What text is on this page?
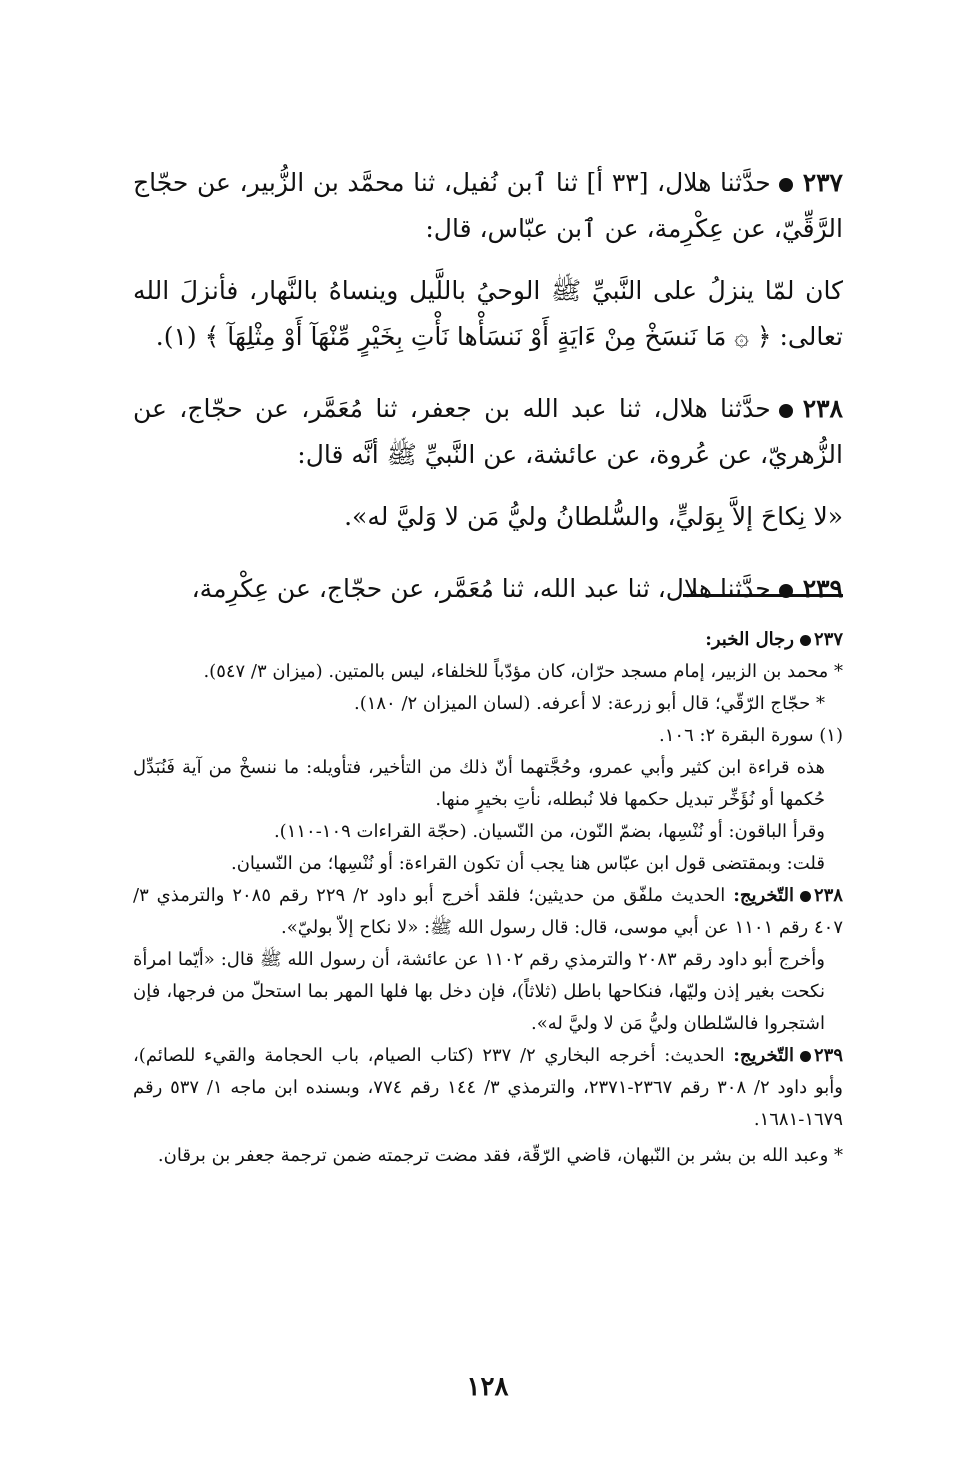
٢٣٧حدَّثنا هلال، [٣٣ أ] ثنا ٱبن نُفيل، ثنا محمَّد بن الزُّبير، عن حجّاج الرَّقِّيّ، عن عِكْرِمة، عن ٱبن عبّاس، قال:

كان لمّا ينزلُ على النَّبيِّ ﷺ الوحيُ باللَّيل وينساهُ بالنَّهار، فأنزلَ الله تعالى: ﴿ ۞ مَا نَنسَخْ مِنْ ءَايَةٍ أَوْ نَنسَأْها نَأْتِ بِخَيْرٍ مِّنْهَآ أَوْ مِثْلِهَآ ﴾ (١).

٢٣٨حدَّثنا هلال، ثنا عبد الله بن جعفر، ثنا مُعَمَّر، عن حجّاج، عن الزُّهريّ، عن عُروة، عن عائشة، عن النَّبيِّ ﷺ أنَّه قال:

«لا نِكاحَ إلاَّ بِوَليٍّ، والسُّلطانُ وليُّ مَن لا وَليَّ له».

٢٣٩حدَّثنا هلال، ثنا عبد الله، ثنا مُعَمَّر، عن حجّاج، عن عِكْرِمة،

٢٣٧رجال الخبر:

* محمد بن الزبير، إمام مسجد حرّان، كان مؤدّباً للخلفاء، ليس بالمتين. (ميزان ٣/ ٥٤٧).

* حجّاج الرّقّي؛ قال أبو زرعة: لا أعرفه. (لسان الميزان ٢/ ١٨٠).

(١) سورة البقرة ٢: ١٠٦.

هذه قراءة ابن كثير وأبي عمرو، وحُجَّتهما أنّ ذلك من التأخير، فتأويله: ما ننسخْ من آية فَنُبَدِّل حُكمها أو نُؤَخِّر تبديل حكمها فلا نُبطله، نأتِ بخيرٍ منها.

وقرأ الباقون: أو نُنْسِها، بضمّ النّون، من النّسيان. (حجّة القراءات ١٠٩-١١٠).

قلت: وبمقتضى قول ابن عبّاس هنا يجب أن تكون القراءة: أو نُنْسِها؛ من النّسيان.

٢٣٨التّخريج: الحديث ملفّق من حديثين؛ فلقد أخرج أبو داود ٢/ ٢٢٩ رقم ٢٠٨٥ والترمذي ٣/ ٤٠٧ رقم ١١٠١ عن أبي موسى، قال: قال رسول الله ﷺ: «لا نكاح إلاّ بوليّ».

وأخرج أبو داود رقم ٢٠٨٣ والترمذي رقم ١١٠٢ عن عائشة، أن رسول الله ﷺ قال: «أيّما امرأة نكحت بغير إذن وليّها، فنكاحها باطل (ثلاثاً)، فإن دخل بها فلها المهر بما استحلّ من فرجها، فإن اشتجروا فالسّلطان وليُّ مَن لا وليَّ له».

٢٣٩التّخريج: الحديث: أخرجه البخاري ٢/ ٢٣٧ (كتاب الصيام، باب الحجامة والقيء للصائم)، وأبو داود ٢/ ٣٠٨ رقم ٢٣٦٧-٢٣٧١، والترمذي ٣/ ١٤٤ رقم ٧٧٤، وبسنده ابن ماجه ١/ ٥٣٧ رقم ١٦٧٩-١٦٨١.

* وعبد الله بن بشر بن النّبهان، قاضي الرّقّة، فقد مضت ترجمته ضمن ترجمة جعفر بن برقان.

١٢٨
